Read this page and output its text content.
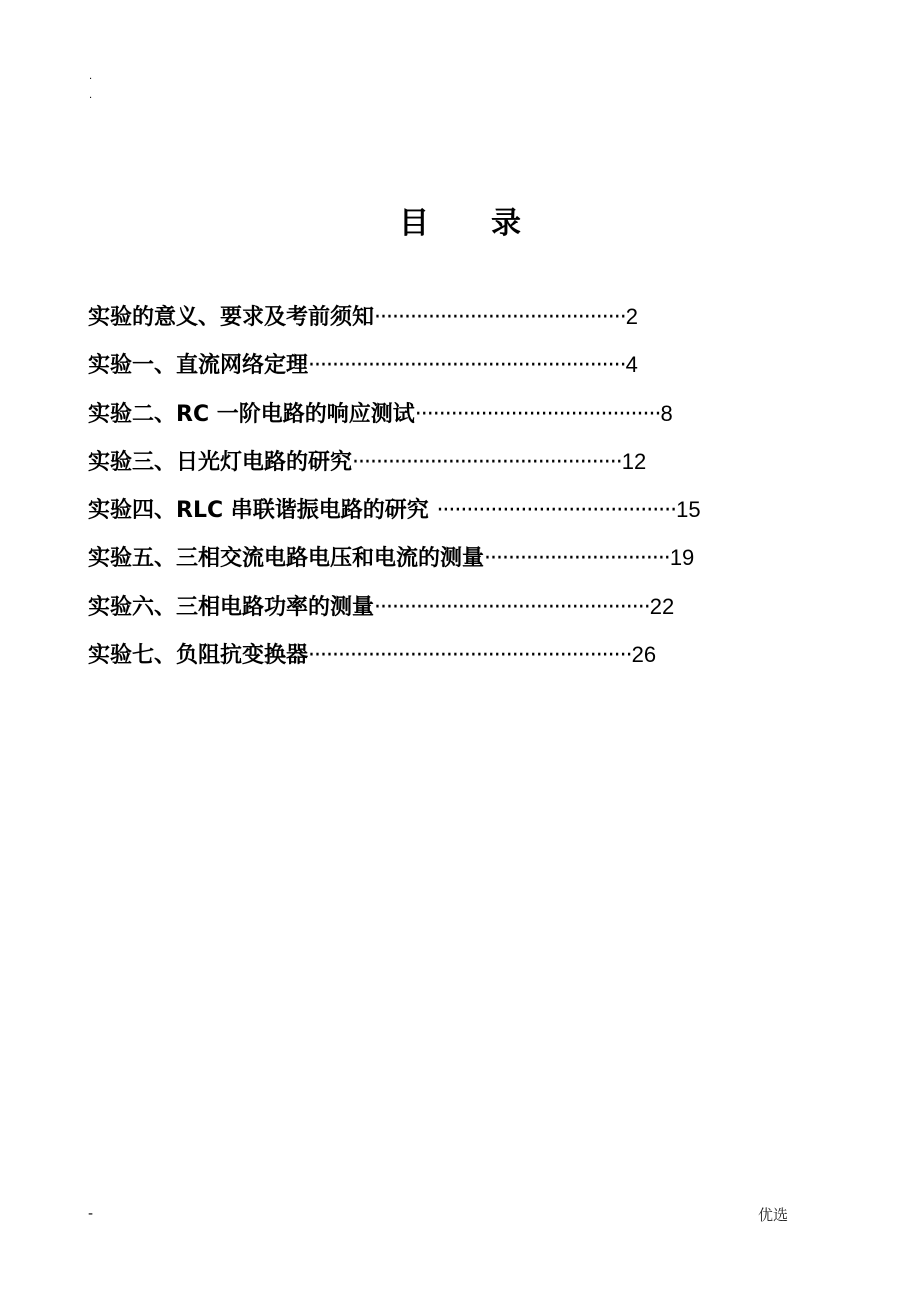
.
.
目 录
实验的意义、要求及考前须知··········································2
实验一、直流网络定理·····················································4
实验二、RC 一阶电路的响应测试·········································8
实验三、日光灯电路的研究·············································12
实验四、RLC 串联谐振电路的研究 ········································15
实验五、三相交流电路电压和电流的测量·······························19
实验六、三相电路功率的测量··············································22
实验七、负阻抗变换器······················································26
-	优选
